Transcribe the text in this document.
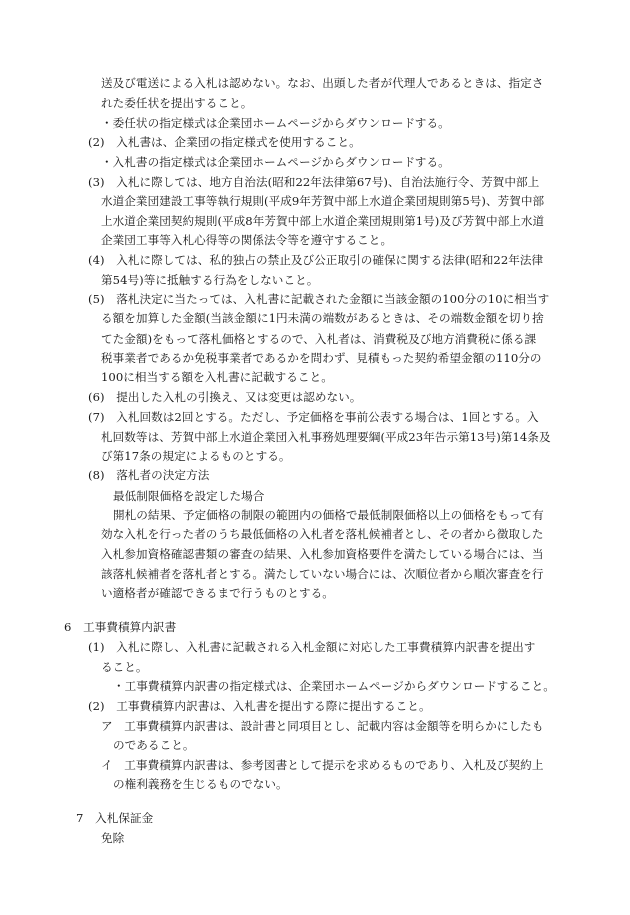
送及び電送による入札は認めない。なお、出頭した者が代理人であるときは、指定さ
れた委任状を提出すること。
・委任状の指定様式は企業団ホームページからダウンロードする。
(2)　入札書は、企業団の指定様式を使用すること。
・入札書の指定様式は企業団ホームページからダウンロードする。
(3)　入札に際しては、地方自治法(昭和22年法律第67号)、自治法施行令、芳賀中部上
水道企業団建設工事等執行規則(平成9年芳賀中部上水道企業団規則第5号)、芳賀中部
上水道企業団契約規則(平成8年芳賀中部上水道企業団規則第1号)及び芳賀中部上水道
企業団工事等入札心得等の関係法令等を遵守すること。
(4)　入札に際しては、私的独占の禁止及び公正取引の確保に関する法律(昭和22年法律
第54号)等に抵触する行為をしないこと。
(5)　落札決定に当たっては、入札書に記載された金額に当該金額の100分の10に相当す
る額を加算した金額(当該金額に1円未満の端数があるときは、その端数金額を切り捨
てた金額)をもって落札価格とするので、入札者は、消費税及び地方消費税に係る課
税事業者であるか免税事業者であるかを問わず、見積もった契約希望金額の110分の
100に相当する額を入札書に記載すること。
(6)　提出した入札の引換え、又は変更は認めない。
(7)　入札回数は2回とする。ただし、予定価格を事前公表する場合は、1回とする。入
札回数等は、芳賀中部上水道企業団入札事務処理要綱(平成23年告示第13号)第14条及
び第17条の規定によるものとする。
(8)　落札者の決定方法
最低制限価格を設定した場合
開札の結果、予定価格の制限の範囲内の価格で最低制限価格以上の価格をもって有
効な入札を行った者のうち最低価格の入札者を落札候補者とし、その者から徴取した
入札参加資格確認書類の審査の結果、入札参加資格要件を満たしている場合には、当
該落札候補者を落札者とする。満たしていない場合には、次順位者から順次審査を行
い適格者が確認できるまで行うものとする。
6　工事費積算内訳書
(1)　入札に際し、入札書に記載される入札金額に対応した工事費積算内訳書を提出す
ること。
・工事費積算内訳書の指定様式は、企業団ホームページからダウンロードすること。
(2)　工事費積算内訳書は、入札書を提出する際に提出すること。
ア　工事費積算内訳書は、設計書と同項目とし、記載内容は金額等を明らかにしたも
のであること。
イ　工事費積算内訳書は、参考図書として提示を求めるものであり、入札及び契約上
の権利義務を生じるものでない。
7　入札保証金
免除
